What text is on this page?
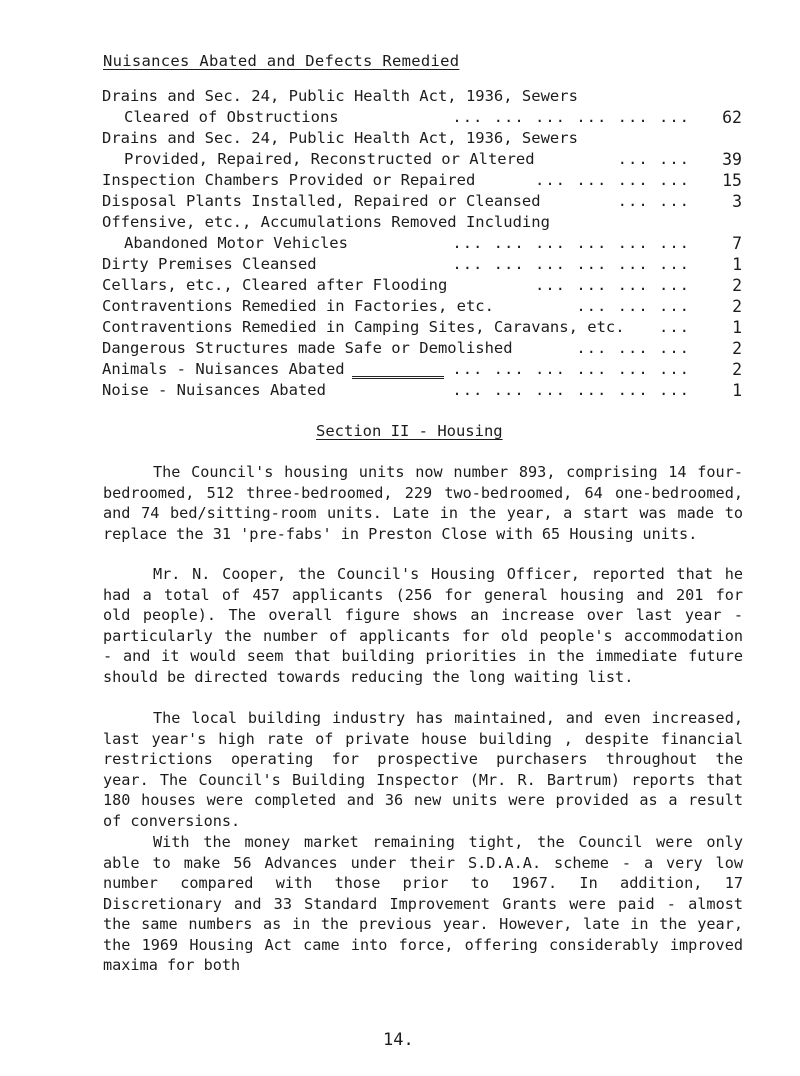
Nuisances Abated and Defects Remedied
Drains and Sec. 24, Public Health Act, 1936, Sewers
Cleared of Obstructions	... ... ... ... ... ... 62
Drains and Sec. 24, Public Health Act, 1936, Sewers
Provided, Repaired, Reconstructed or Altered	... ... 39
Inspection Chambers Provided or Repaired	... ... ... ... 15
Disposal Plants Installed, Repaired or Cleansed	... ...	3
Offensive, etc., Accumulations Removed Including
Abandoned Motor Vehicles	... ... ... ... ... ...	7
Dirty Premises Cleansed	... ... ... ... ... ...	1
Cellars, etc., Cleared after Flooding	... ... ... ...	2
Contraventions Remedied in Factories, etc.	... ... ...	2
Contraventions Remedied in Camping Sites, Caravans, etc. ...	1
Dangerous Structures made Safe or Demolished	... ... ...	2
Animals - Nuisances Abated	... ... ... ... ... ...	2
Noise - Nuisances Abated	... ... ... ... ... ...	1
Section II - Housing

The Council's housing units now number 893, comprising 14 four-bedroomed, 512 three-bedroomed, 229 two-bedroomed, 64 one-bedroomed, and 74 bed/sitting-room units. Late in the year, a start was made to replace the 31 'pre-fabs' in Preston Close with 65 Housing units.

Mr. N. Cooper, the Council's Housing Officer, reported that he had a total of 457 applicants (256 for general housing and 201 for old people). The overall figure shows an increase over last year - particularly the number of applicants for old people's accommodation - and it would seem that building priorities in the immediate future should be directed towards reducing the long waiting list.

The local building industry has maintained, and even increased, last year's high rate of private house building , despite financial restrictions operating for prospective purchasers throughout the year. The Council's Building Inspector (Mr. R. Bartrum) reports that 180 houses were completed and 36 new units were provided as a result of conversions.

With the money market remaining tight, the Council were only able to make 56 Advances under their S.D.A.A. scheme - a very low number compared with those prior to 1967. In addition, 17 Discretionary and 33 Standard Improvement Grants were paid - almost the same numbers as in the previous year. However, late in the year, the 1969 Housing Act came into force, offering considerably improved maxima for both

14.
